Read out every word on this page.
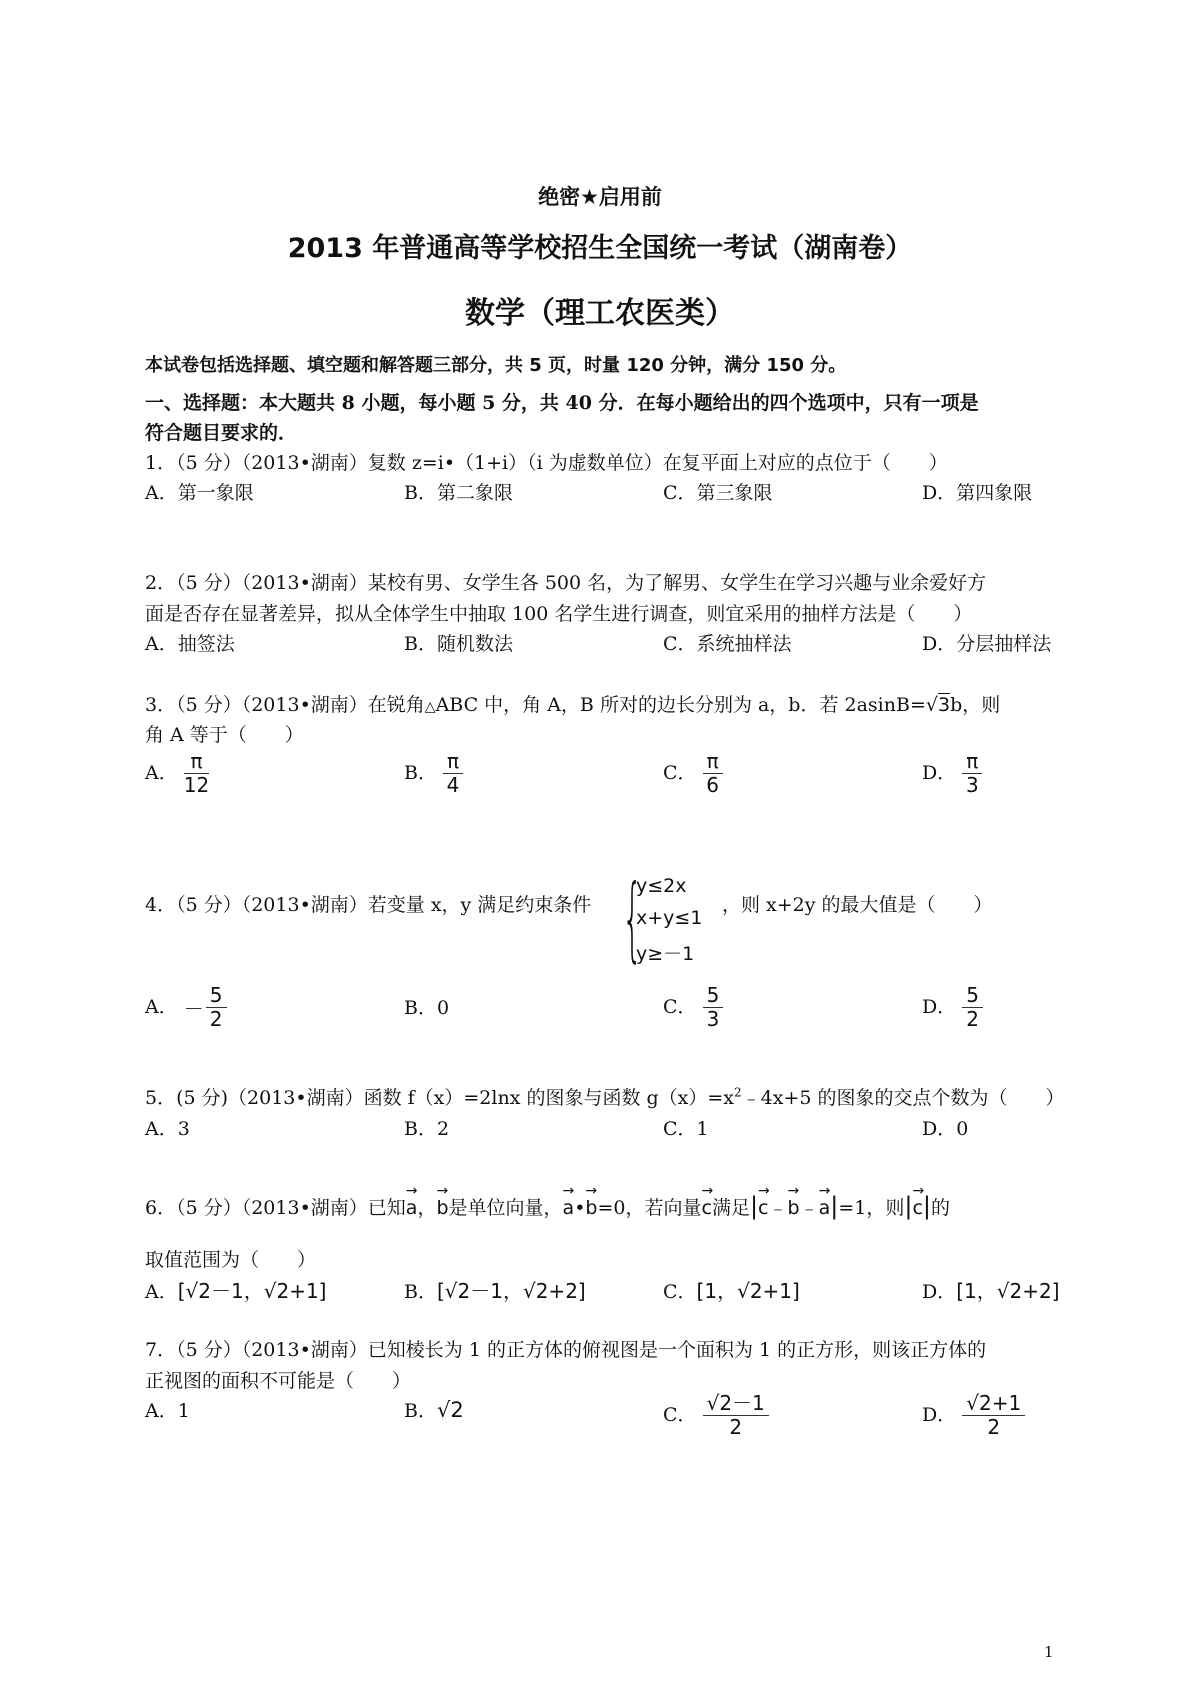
绝密★启用前
2013 年普通高等学校招生全国统一考试（湖南卷）
数学（理工农医类）
本试卷包括选择题、填空题和解答题三部分，共 5 页，时量 120 分钟，满分 150 分。
一、选择题：本大题共 8 小题，每小题 5 分，共 40 分．在每小题给出的四个选项中，只有一项是
符合题目要求的．
1．（5 分）（2013•湖南）复数 z=i•（1+i）（i 为虚数单位）在复平面上对应的点位于（　　）
A．第一象限	B．第二象限	C．第三象限	D．第四象限
2．（5 分）（2013•湖南）某校有男、女学生各 500 名，为了解男、女学生在学习兴趣与业余爱好方
面是否存在显著差异，拟从全体学生中抽取 100 名学生进行调查，则宜采用的抽样方法是（　　）
A．抽签法	B．随机数法	C．系统抽样法	D．分层抽样法
3．（5 分）（2013•湖南）在锐角△ABC 中，角 A，B 所对的边长分别为 a，b．若 2asinB=√3b，则
角 A 等于（　　）
A． $\frac{\pi}{12}$	B． $\frac{\pi}{4}$	C． $\frac{\pi}{6}$	D． $\frac{\pi}{3}$
4．（5 分）（2013•湖南）若变量 x，y 满足约束条件 {
y≤2x
x+y≤1
y≥－1
，则 x+2y 的最大值是（　　）
A． － $\frac{5}{2}$	B．0	C． $\frac{5}{3}$	D． $\frac{5}{2}$
5．(5 分)（2013•湖南）函数 f（x）=2lnx 的图象与函数 $g(x)=x^2﹣4x+5$ 的图象的交点个数为（　　）
A．3	B．2	C．1	D．0
6．（5 分）（2013•湖南）已知→ a，→ b是单位向量，→ a•→ b=0，若向量→ c满足|→ c﹣→ b﹣→ a|=1，则|→ c|的
取值范围为（　　）
A．[√2－1，√2+1]	B．[√2－1，√2+2]	C．[1，√2+1]	D．[1，√2+2]
7．（5 分）（2013•湖南）已知棱长为 1 的正方体的俯视图是一个面积为 1 的正方形，则该正方体的
正视图的面积不可能是（　　）
A．1	B．√2	C． $\frac{√2-1}{2}$	D． $\frac{√2+1}{2}$
1
